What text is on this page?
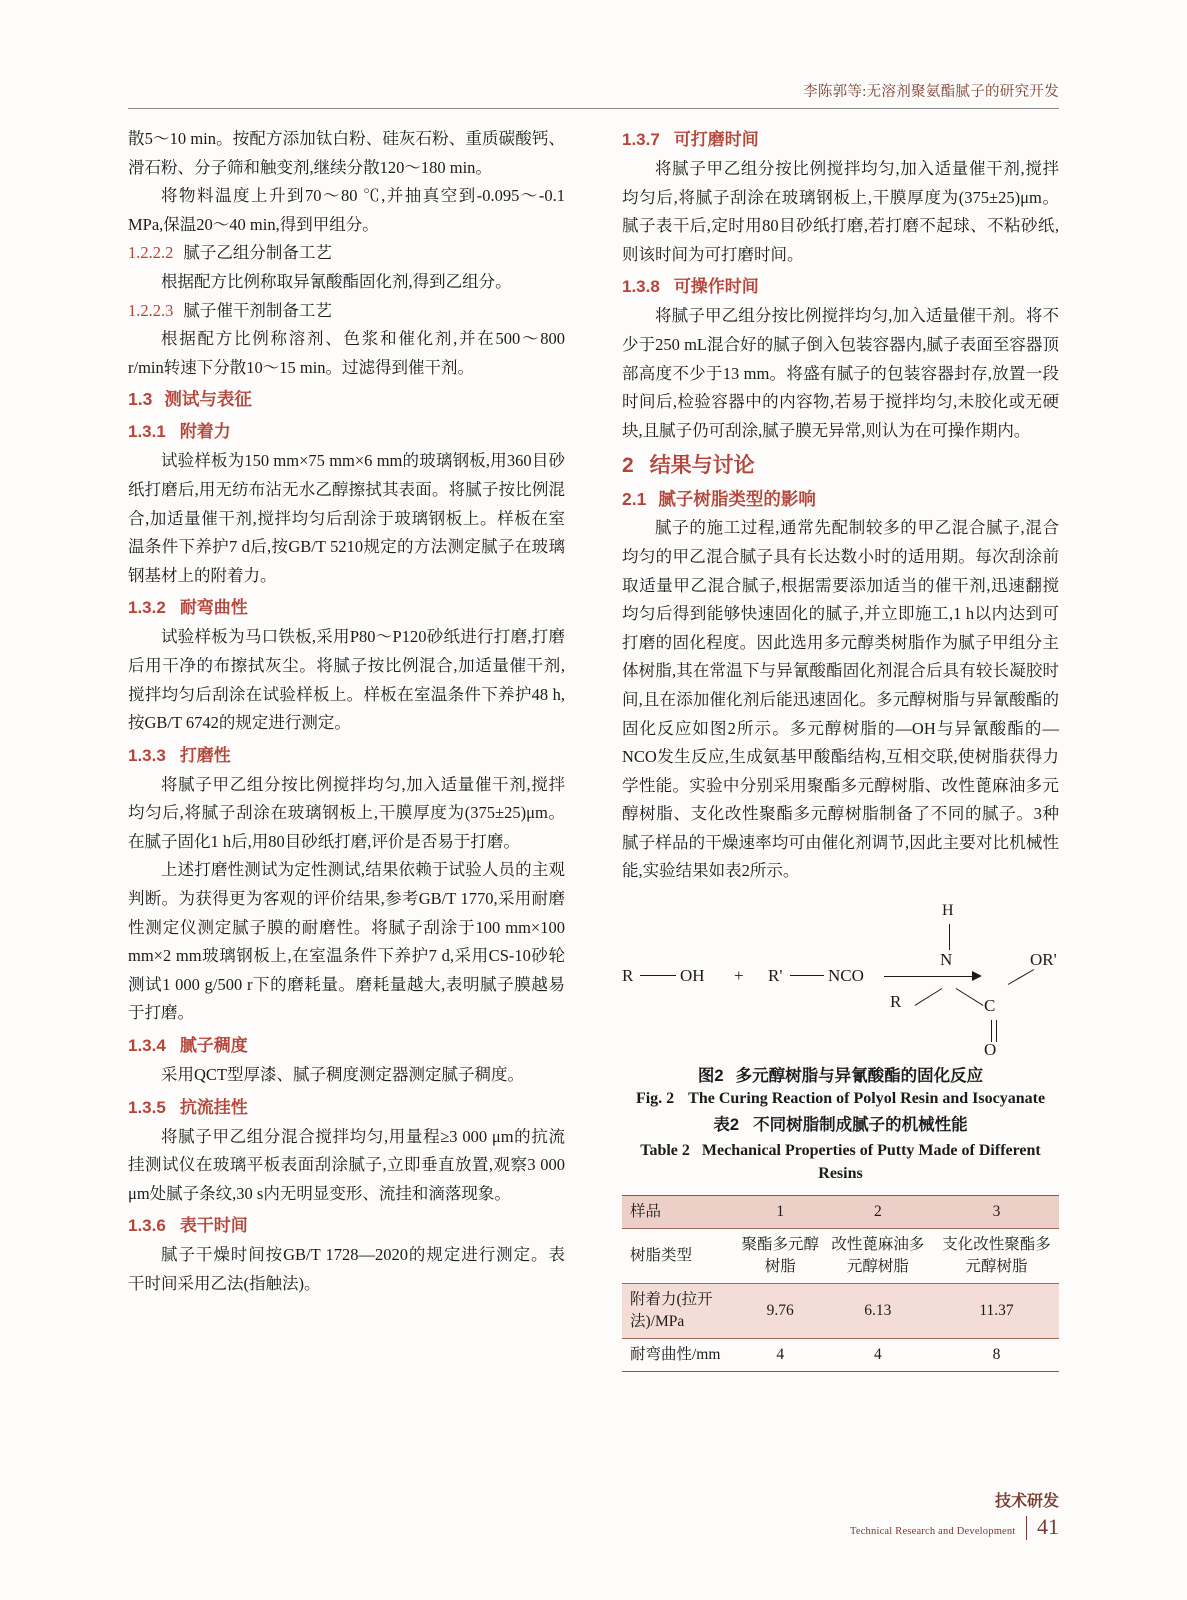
李陈郭等:无溶剂聚氨酯腻子的研究开发

散5～10 min。按配方添加钛白粉、硅灰石粉、重质碳酸钙、滑石粉、分子筛和触变剂,继续分散120～180 min。

将物料温度上升到70～80 ℃,并抽真空到-0.095～-0.1 MPa,保温20～40 min,得到甲组分。

1.2.2.2 腻子乙组分制备工艺

根据配方比例称取异氰酸酯固化剂,得到乙组分。

1.2.2.3 腻子催干剂制备工艺

根据配方比例称溶剂、色浆和催化剂,并在500～800 r/min转速下分散10～15 min。过滤得到催干剂。

1.3 测试与表征
1.3.1 附着力

试验样板为150 mm×75 mm×6 mm的玻璃钢板,用360目砂纸打磨后,用无纺布沾无水乙醇擦拭其表面。将腻子按比例混合,加适量催干剂,搅拌均匀后刮涂于玻璃钢板上。样板在室温条件下养护7 d后,按GB/T 5210规定的方法测定腻子在玻璃钢基材上的附着力。

1.3.2 耐弯曲性

试验样板为马口铁板,采用P80～P120砂纸进行打磨,打磨后用干净的布擦拭灰尘。将腻子按比例混合,加适量催干剂,搅拌均匀后刮涂在试验样板上。样板在室温条件下养护48 h,按GB/T 6742的规定进行测定。

1.3.3 打磨性

将腻子甲乙组分按比例搅拌均匀,加入适量催干剂,搅拌均匀后,将腻子刮涂在玻璃钢板上,干膜厚度为(375±25)μm。在腻子固化1 h后,用80目砂纸打磨,评价是否易于打磨。

上述打磨性测试为定性测试,结果依赖于试验人员的主观判断。为获得更为客观的评价结果,参考GB/T 1770,采用耐磨性测定仪测定腻子膜的耐磨性。将腻子刮涂于100 mm×100 mm×2 mm玻璃钢板上,在室温条件下养护7 d,采用CS-10砂轮测试1 000 g/500 r下的磨耗量。磨耗量越大,表明腻子膜越易于打磨。

1.3.4 腻子稠度

采用QCT型厚漆、腻子稠度测定器测定腻子稠度。

1.3.5 抗流挂性

将腻子甲乙组分混合搅拌均匀,用量程≥3 000 μm的抗流挂测试仪在玻璃平板表面刮涂腻子,立即垂直放置,观察3 000 μm处腻子条纹,30 s内无明显变形、流挂和滴落现象。

1.3.6 表干时间

腻子干燥时间按GB/T 1728—2020的规定进行测定。表干时间采用乙法(指触法)。

1.3.7 可打磨时间

将腻子甲乙组分按比例搅拌均匀,加入适量催干剂,搅拌均匀后,将腻子刮涂在玻璃钢板上,干膜厚度为(375±25)μm。腻子表干后,定时用80目砂纸打磨,若打磨不起球、不粘砂纸,则该时间为可打磨时间。

1.3.8 可操作时间

将腻子甲乙组分按比例搅拌均匀,加入适量催干剂。将不少于250 mL混合好的腻子倒入包装容器内,腻子表面至容器顶部高度不少于13 mm。将盛有腻子的包装容器封存,放置一段时间后,检验容器中的内容物,若易于搅拌均匀,未胶化或无硬块,且腻子仍可刮涂,腻子膜无异常,则认为在可操作期内。

2 结果与讨论
2.1 腻子树脂类型的影响

腻子的施工过程,通常先配制较多的甲乙混合腻子,混合均匀的甲乙混合腻子具有长达数小时的适用期。每次刮涂前取适量甲乙混合腻子,根据需要添加适当的催干剂,迅速翻搅均匀后得到能够快速固化的腻子,并立即施工,1 h以内达到可打磨的固化程度。因此选用多元醇类树脂作为腻子甲组分主体树脂,其在常温下与异氰酸酯固化剂混合后具有较长凝胶时间,且在添加催化剂后能迅速固化。多元醇树脂与异氰酸酯的固化反应如图2所示。多元醇树脂的—OH与异氰酸酯的—NCO发生反应,生成氨基甲酸酯结构,互相交联,使树脂获得力学性能。实验中分别采用聚酯多元醇树脂、改性蓖麻油多元醇树脂、支化改性聚酯多元醇树脂制备了不同的腻子。3种腻子样品的干燥速率均可由催化剂调节,因此主要对比机械性能,实验结果如表2所示。

R	OH + R'	NCO
H
N
R	C
O
OR'
图2 多元醇树脂与异氰酸酯的固化反应
Fig. 2 The Curing Reaction of Polyol Resin and Isocyanate
表2 不同树脂制成腻子的机械性能
Table 2 Mechanical Properties of Putty Made of Different
Resins
样品	1	2	3
树脂类型	聚酯多元醇树脂	改性蓖麻油多元醇树脂	支化改性聚酯多元醇树脂
附着力(拉开法)/MPa	9.76	6.13	11.37
耐弯曲性/mm	4	4	8
技术研发
Technical Research and Development 41
